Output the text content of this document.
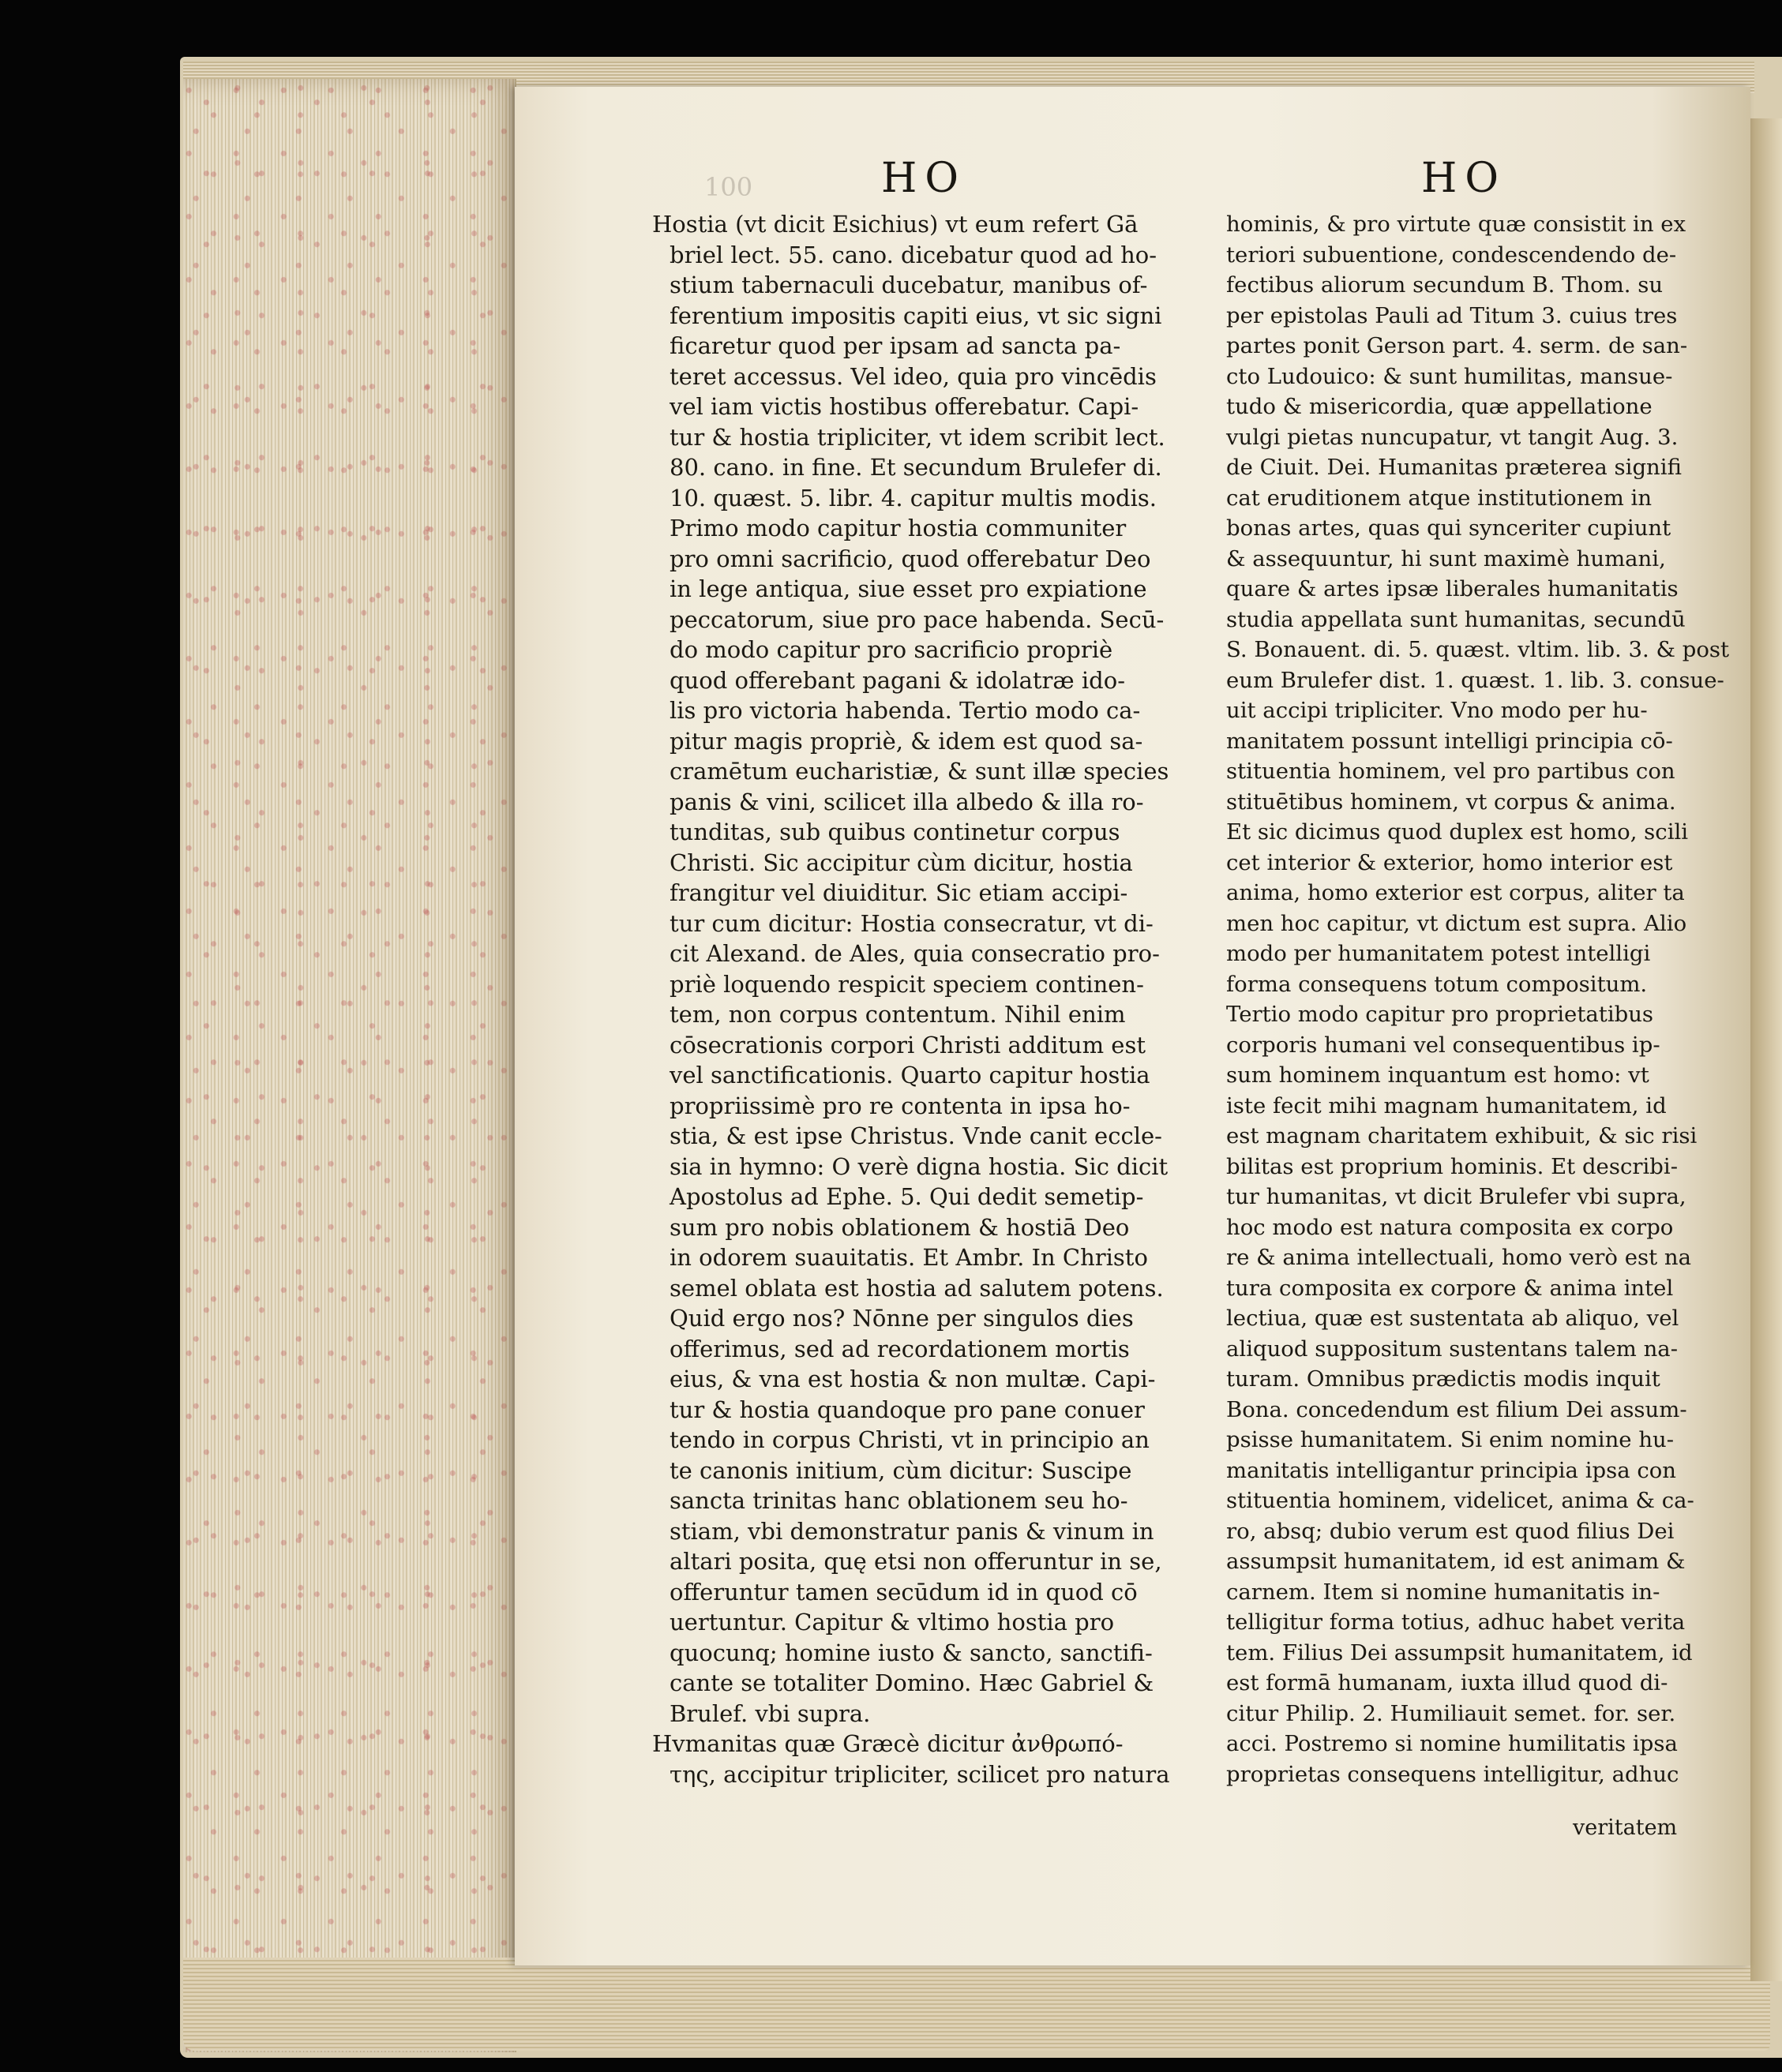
100	HO	HO
Hostia (vt dicit Esichius) vt eum refert Gā
briel lect. 55. cano. dicebatur quod ad ho-
stium tabernaculi ducebatur, manibus of-
ferentium impositis capiti eius, vt sic signi
ficaretur quod per ipsam ad sancta pa-
teret accessus. Vel ideo, quia pro vincēdis
vel iam victis hostibus offerebatur. Capi-
tur & hostia tripliciter, vt idem scribit lect.
80. cano. in fine. Et secundum Brulefer di.
10. quæst. 5. libr. 4. capitur multis modis.
Primo modo capitur hostia communiter
pro omni sacrificio, quod offerebatur Deo
in lege antiqua, siue esset pro expiatione
peccatorum, siue pro pace habenda. Secū-
do modo capitur pro sacrificio propriè
quod offerebant pagani & idolatræ ido-
lis pro victoria habenda. Tertio modo ca-
pitur magis propriè, & idem est quod sa-
cramētum eucharistiæ, & sunt illæ species
panis & vini, scilicet illa albedo & illa ro-
tunditas, sub quibus continetur corpus
Christi. Sic accipitur cùm dicitur, hostia
frangitur vel diuiditur. Sic etiam accipi-
tur cum dicitur: Hostia consecratur, vt di-
cit Alexand. de Ales, quia consecratio pro-
priè loquendo respicit speciem continen-
tem, non corpus contentum. Nihil enim
cōsecrationis corpori Christi additum est
vel sanctificationis. Quarto capitur hostia
propriissimè pro re contenta in ipsa ho-
stia, & est ipse Christus. Vnde canit eccle-
sia in hymno: O verè digna hostia. Sic dicit
Apostolus ad Ephe. 5. Qui dedit semetip-
sum pro nobis oblationem & hostiā Deo
in odorem suauitatis. Et Ambr. In Christo
semel oblata est hostia ad salutem potens.
Quid ergo nos? Nōnne per singulos dies
offerimus, sed ad recordationem mortis
eius, & vna est hostia & non multæ. Capi-
tur & hostia quandoque pro pane conuer
tendo in corpus Christi, vt in principio an
te canonis initium, cùm dicitur: Suscipe
sancta trinitas hanc oblationem seu ho-
stiam, vbi demonstratur panis & vinum in
altari posita, quę etsi non offeruntur in se,
offeruntur tamen secūdum id in quod cō
uertuntur. Capitur & vltimo hostia pro
quocunq; homine iusto & sancto, sanctifi-
cante se totaliter Domino. Hæc Gabriel &
Brulef. vbi supra.
Hvmanitas quæ Græcè dicitur ἀνθρωπό-
της, accipitur tripliciter, scilicet pro natura
hominis, & pro virtute quæ consistit in ex
teriori subuentione, condescendendo de-
fectibus aliorum secundum B. Thom. su
per epistolas Pauli ad Titum 3. cuius tres
partes ponit Gerson part. 4. serm. de san-
cto Ludouico: & sunt humilitas, mansue-
tudo & misericordia, quæ appellatione
vulgi pietas nuncupatur, vt tangit Aug. 3.
de Ciuit. Dei. Humanitas præterea signifi
cat eruditionem atque institutionem in
bonas artes, quas qui synceriter cupiunt
& assequuntur, hi sunt maximè humani,
quare & artes ipsæ liberales humanitatis
studia appellata sunt humanitas, secundū
S. Bonauent. di. 5. quæst. vltim. lib. 3. & post
eum Brulefer dist. 1. quæst. 1. lib. 3. consue-
uit accipi tripliciter. Vno modo per hu-
manitatem possunt intelligi principia cō-
stituentia hominem, vel pro partibus con
stituētibus hominem, vt corpus & anima.
Et sic dicimus quod duplex est homo, scili
cet interior & exterior, homo interior est
anima, homo exterior est corpus, aliter ta
men hoc capitur, vt dictum est supra. Alio
modo per humanitatem potest intelligi
forma consequens totum compositum.
Tertio modo capitur pro proprietatibus
corporis humani vel consequentibus ip-
sum hominem inquantum est homo: vt
iste fecit mihi magnam humanitatem, id
est magnam charitatem exhibuit, & sic risi
bilitas est proprium hominis. Et describi-
tur humanitas, vt dicit Brulefer vbi supra,
hoc modo est natura composita ex corpo
re & anima intellectuali, homo verò est na
tura composita ex corpore & anima intel
lectiua, quæ est sustentata ab aliquo, vel
aliquod suppositum sustentans talem na-
turam. Omnibus prædictis modis inquit
Bona. concedendum est filium Dei assum-
psisse humanitatem. Si enim nomine hu-
manitatis intelligantur principia ipsa con
stituentia hominem, videlicet, anima & ca-
ro, absq; dubio verum est quod filius Dei
assumpsit humanitatem, id est animam &
carnem. Item si nomine humanitatis in-
telligitur forma totius, adhuc habet verita
tem. Filius Dei assumpsit humanitatem, id
est formā humanam, iuxta illud quod di-
citur Philip. 2. Humiliauit semet. for. ser.
acci. Postremo si nomine humilitatis ipsa
proprietas consequens intelligitur, adhuc
veritatem
